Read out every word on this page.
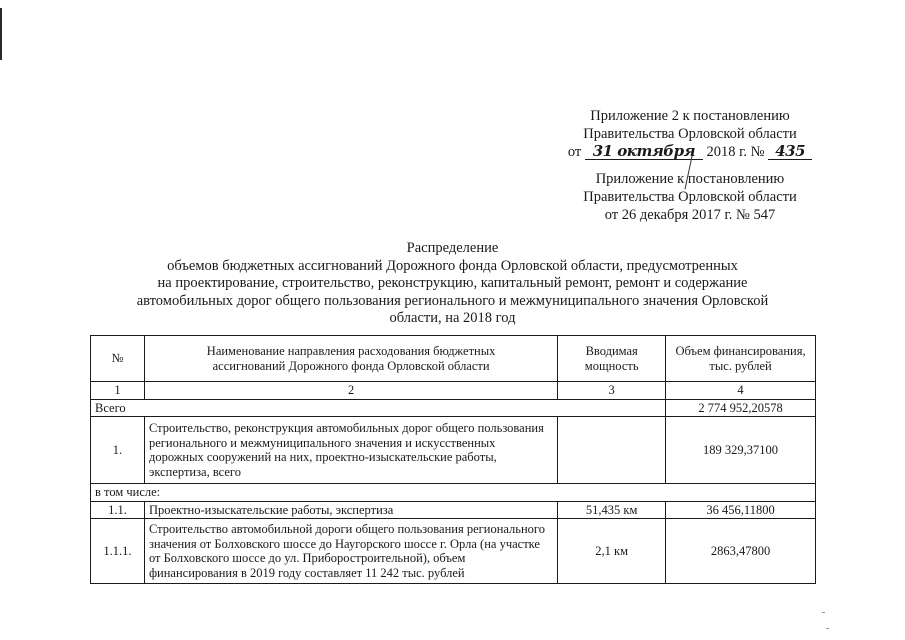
Приложение 2 к постановлению
Правительства Орловской области
от 31 октября 2018 г. № 435
Приложение к постановлению
Правительства Орловской области
от 26 декабря 2017 г. № 547
Распределение
объемов бюджетных ассигнований Дорожного фонда Орловской области, предусмотренных
на проектирование, строительство, реконструкцию, капитальный ремонт, ремонт и содержание
автомобильных дорог общего пользования регионального и межмуниципального значения Орловской
области, на 2018 год
№	Наименование направления расходования бюджетных ассигнований Дорожного фонда Орловской области	Вводимая мощность	Объем финансирования, тыс. рублей
1	2	3	4
Всего			2 774 952,20578
1.	Строительство, реконструкция автомобильных дорог общего пользования регионального и межмуниципального значения и искусственных дорожных сооружений на них, проектно-изыскательские работы, экспертиза, всего		189 329,37100
в том числе:			
1.1.	Проектно-изыскательские работы, экспертиза	51,435 км	36 456,11800
1.1.1.	Строительство автомобильной дороги общего пользования регионального значения от Болховского шоссе до Наугорского шоссе г. Орла (на участке от Болховского шоссе до ул. Приборостроительной), объем финансирования в 2019 году составляет 11 242 тыс. рублей	2,1 км	2863,47800
